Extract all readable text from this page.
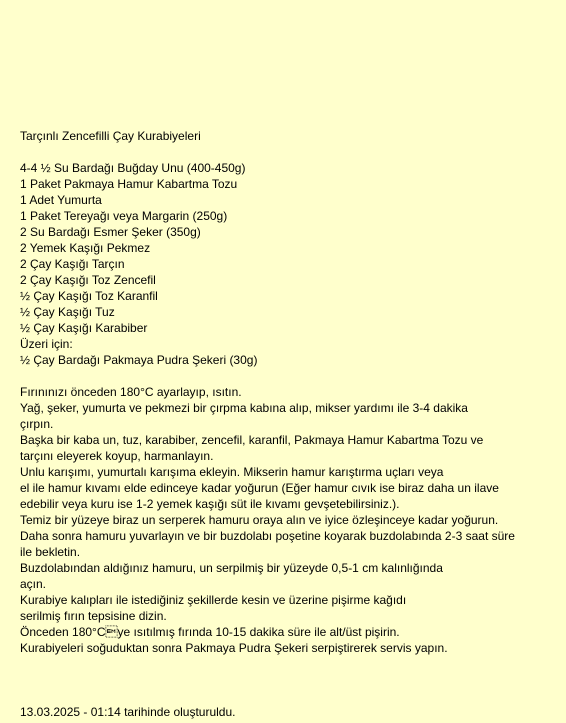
Tarçınlı Zencefilli Çay Kurabiyeleri

4-4 ½ Su Bardağı Buğday Unu (400-450g)

1 Paket Pakmaya Hamur Kabartma Tozu

1 Adet Yumurta

1 Paket Tereyağı veya Margarin (250g)

2 Su Bardağı Esmer Şeker (350g)

2 Yemek Kaşığı Pekmez

2 Çay Kaşığı Tarçın

2 Çay Kaşığı Toz Zencefil

½ Çay Kaşığı Toz Karanfil

½ Çay Kaşığı Tuz

½ Çay Kaşığı Karabiber

Üzeri için:

½ Çay Bardağı Pakmaya Pudra Şekeri (30g)

Fırınınızı önceden 180°C ayarlayıp, ısıtın.

Yağ, şeker, yumurta ve pekmezi bir çırpma kabına alıp, mikser yardımı ile 3-4 dakika

çırpın.

Başka bir kaba un, tuz, karabiber, zencefil, karanfil, Pakmaya Hamur Kabartma Tozu ve

tarçını eleyerek koyup, harmanlayın.

Unlu karışımı, yumurtalı karışıma ekleyin. Mikserin hamur karıştırma uçları veya

el ile hamur kıvamı elde edinceye kadar yoğurun (Eğer hamur cıvık ise biraz daha un ilave

edebilir veya kuru ise 1-2 yemek kaşığı süt ile kıvamı gevşetebilirsiniz.).

Temiz bir yüzeye biraz un serperek hamuru oraya alın ve iyice özleşinceye kadar yoğurun.

Daha sonra hamuru yuvarlayın ve bir buzdolabı poşetine koyarak buzdolabında 2-3 saat süre

ile bekletin.

Buzdolabından aldığınız hamuru, un serpilmiş bir yüzeyde 0,5-1 cm kalınlığında

açın.

Kurabiye kalıpları ile istediğiniz şekillerde kesin ve üzerine pişirme kağıdı

serilmiş fırın tepsisine dizin.

Önceden 180°Cye ısıtılmış fırında 10-15 dakika süre ile alt/üst pişirin.

Kurabiyeleri soğuduktan sonra Pakmaya Pudra Şekeri serpiştirerek servis yapın.

13.03.2025 - 01:14 tarihinde oluşturuldu.
